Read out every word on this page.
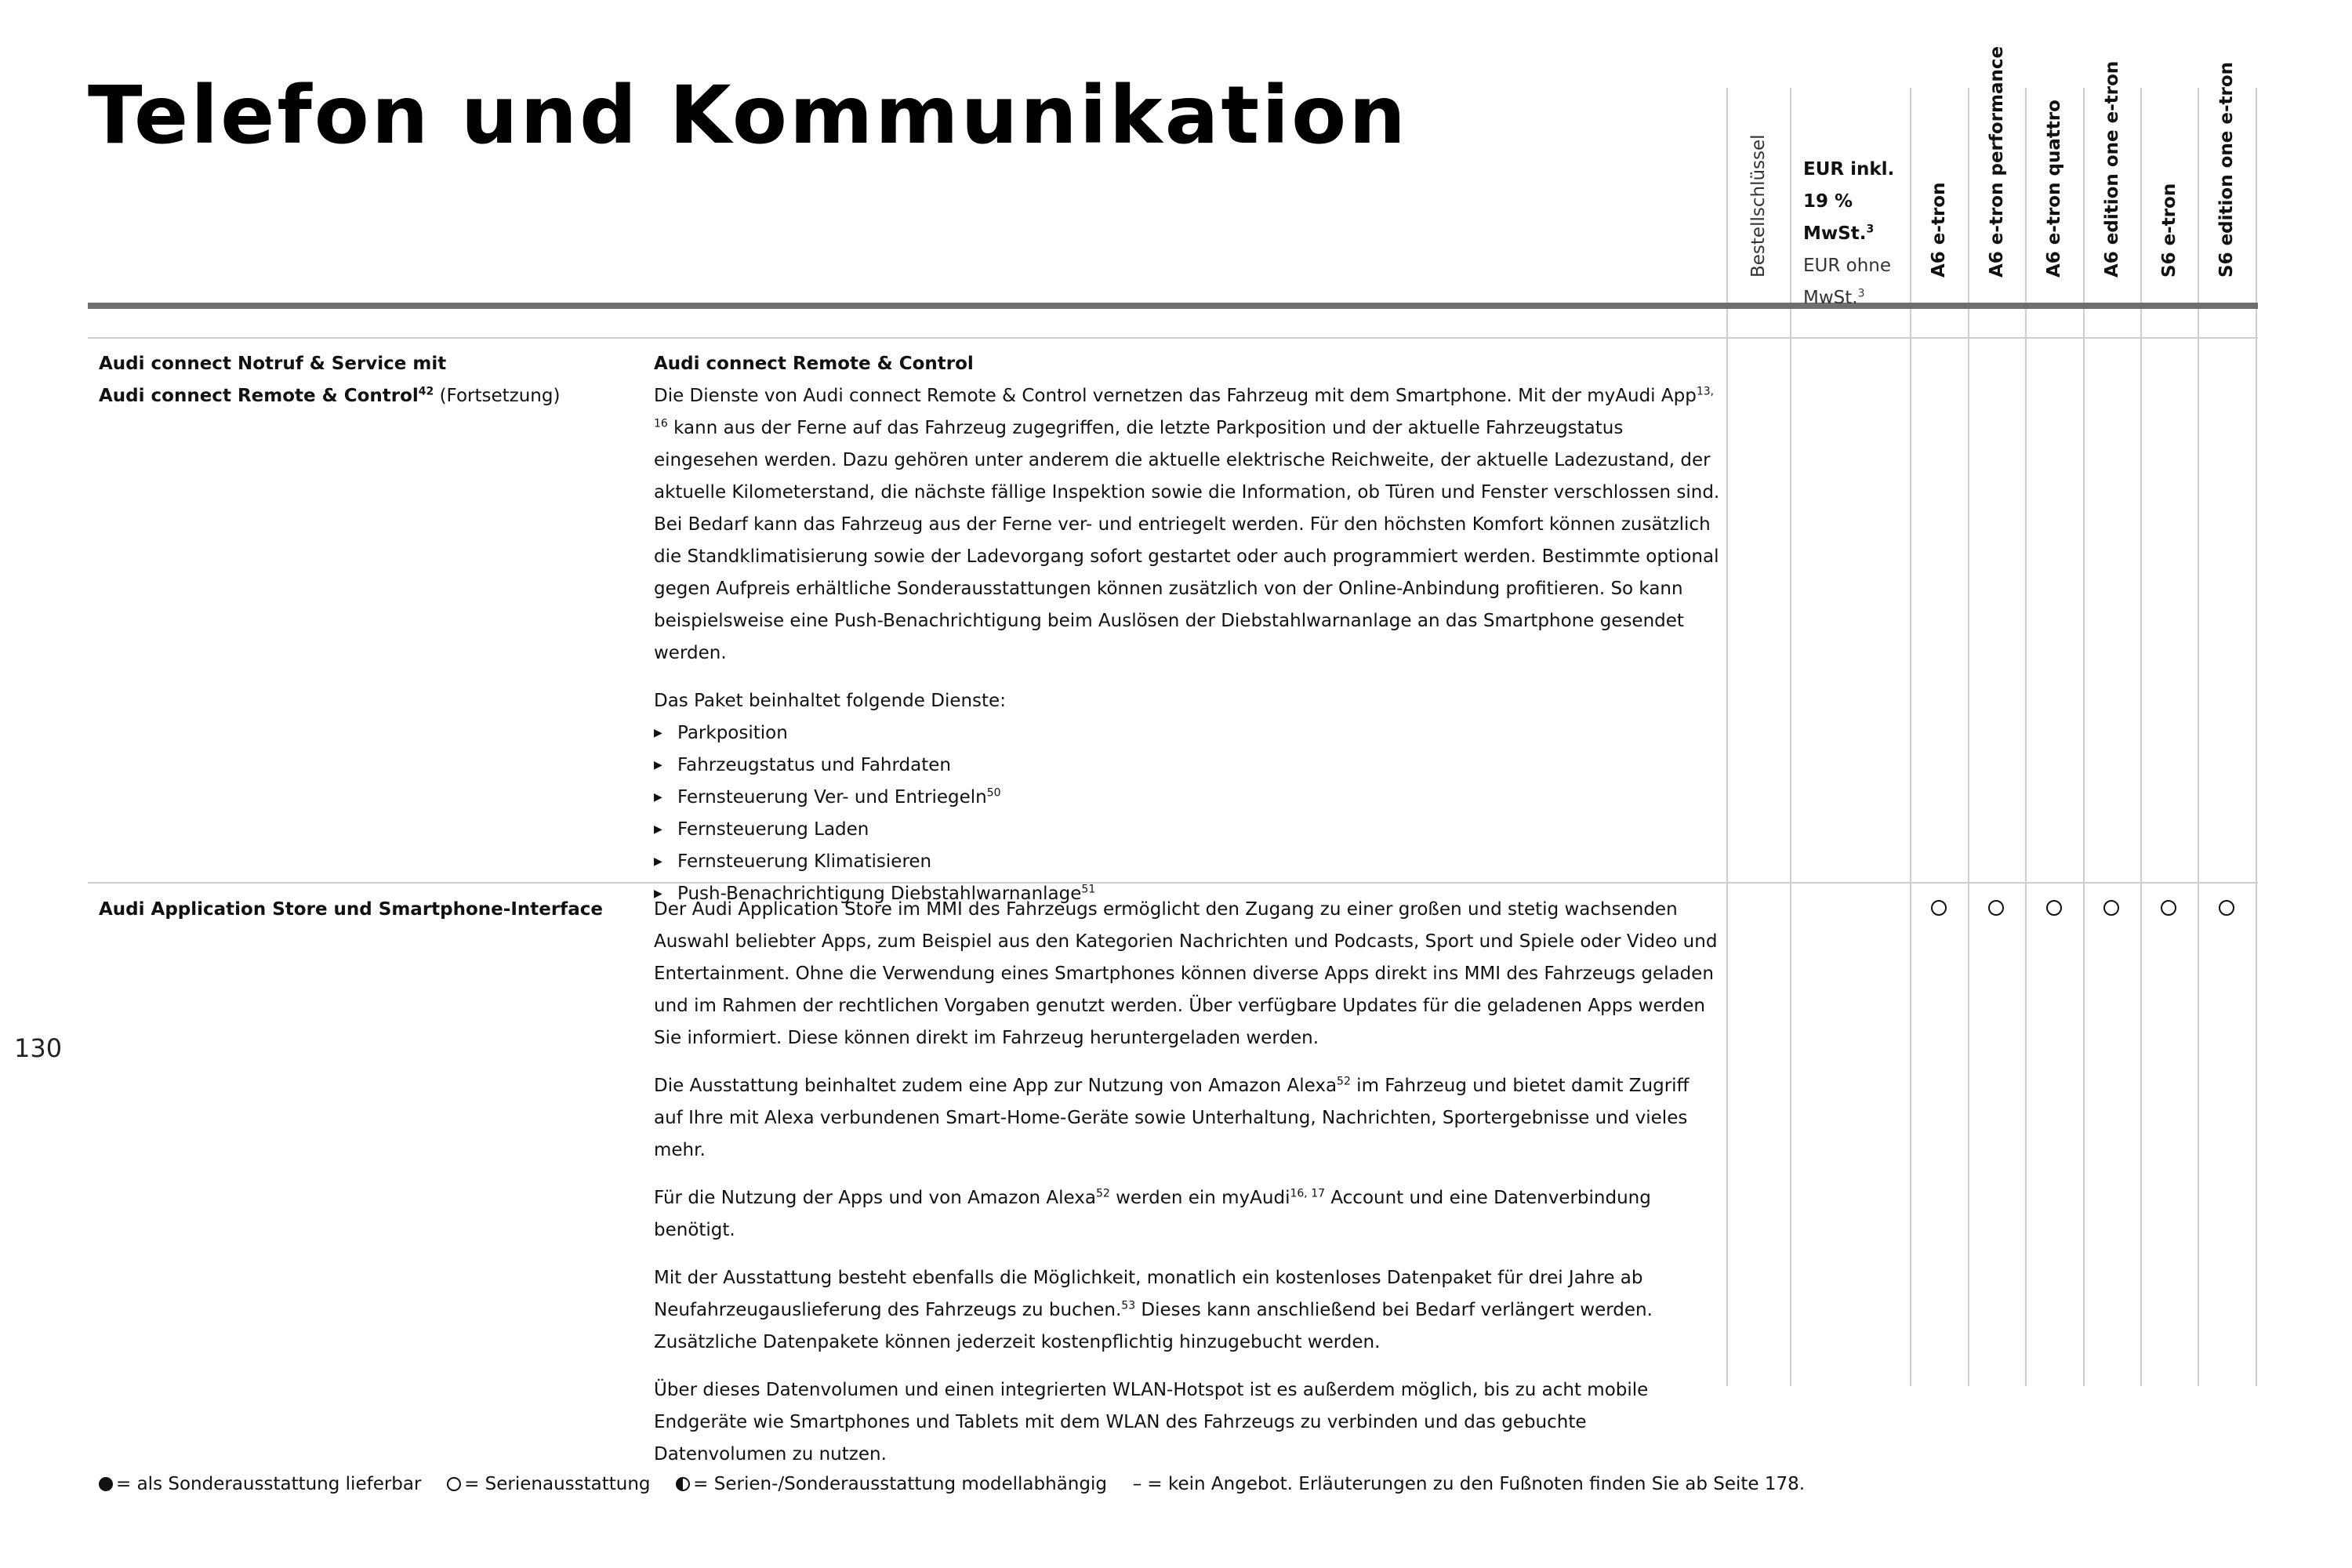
Telefon und Kommunikation
130
Bestellschlüssel EUR inkl.
19 % MwSt.$^3$
EUR ohne
MwSt.$^3$
A6 e-tron A6 e-tron performance A6 e-tron quattro A6 edition one e-tron S6 e-tron S6 edition one e-tron
Audi connect Notruf & Service mit
Audi connect Remote & Control$^{42}$ (Fortsetzung)

Audi connect Remote & Control

Die Dienste von Audi connect Remote & Control vernetzen das Fahrzeug mit dem Smartphone. Mit der myAudi App$^{13, 16}$ kann aus der Ferne auf das Fahrzeug zugegriffen, die letzte Parkposition und der aktuelle Fahrzeugstatus eingesehen werden. Dazu gehören unter anderem die aktuelle elektrische Reichweite, der aktuelle Ladezustand, der aktuelle Kilometerstand, die nächste fällige Inspektion sowie die Information, ob Türen und Fenster verschlossen sind. Bei Bedarf kann das Fahrzeug aus der Ferne ver- und entriegelt werden. Für den höchsten Komfort können zusätzlich die Standklimatisierung sowie der Ladevorgang sofort gestartet oder auch programmiert werden. Bestimmte optional gegen Aufpreis erhältliche Sonderausstattungen können zusätzlich von der Online-Anbindung profitieren. So kann beispielsweise eine Push-Benachrichtigung beim Auslösen der Diebstahlwarnanlage an das Smartphone gesendet werden.

Das Paket beinhaltet folgende Dienste:
▶ Parkposition
▶ Fahrzeugstatus und Fahrdaten
▶ Fernsteuerung Ver- und Entriegeln$^{50}$
▶ Fernsteuerung Laden
▶ Fernsteuerung Klimatisieren
▶ Push-Benachrichtigung Diebstahlwarnanlage$^{51}$
Audi Application Store und Smartphone-Interface	Der Audi Application Store im MMI des Fahrzeugs ermöglicht den Zugang zu einer großen und stetig wachsenden Auswahl beliebter Apps, zum Beispiel aus den Kategorien Nachrichten und Podcasts, Sport und Spiele oder Video und Entertainment. Ohne die Verwendung eines Smartphones können diverse Apps direkt ins MMI des Fahrzeugs geladen und im Rahmen der rechtlichen Vorgaben genutzt werden. Über verfügbare Updates für die geladenen Apps werden Sie informiert. Diese können direkt im Fahrzeug heruntergeladen werden.

Die Ausstattung beinhaltet zudem eine App zur Nutzung von Amazon Alexa$^{52}$ im Fahrzeug und bietet damit Zugriff auf Ihre mit Alexa verbundenen Smart-Home-Geräte sowie Unterhaltung, Nachrichten, Sportergebnisse und vieles mehr.

Für die Nutzung der Apps und von Amazon Alexa$^{52}$ werden ein myAudi$^{16, 17}$ Account und eine Datenverbindung benötigt.

Mit der Ausstattung besteht ebenfalls die Möglichkeit, monatlich ein kostenloses Datenpaket für drei Jahre ab Neufahrzeugauslieferung des Fahrzeugs zu buchen.$^{53}$ Dieses kann anschließend bei Bedarf verlängert werden. Zusätzliche Datenpakete können jederzeit kostenpflichtig hinzugebucht werden.

Über dieses Datenvolumen und einen integrierten WLAN-Hotspot ist es außerdem möglich, bis zu acht mobile Endgeräte wie Smartphones und Tablets mit dem WLAN des Fahrzeugs zu verbinden und das gebuchte Datenvolumen zu nutzen.

= als Sonderausstattung lieferbar = Serienausstattung = Serien-/Sonderausstattung modellabhängig – = kein Angebot. Erläuterungen zu den Fußnoten finden Sie ab Seite 178.
